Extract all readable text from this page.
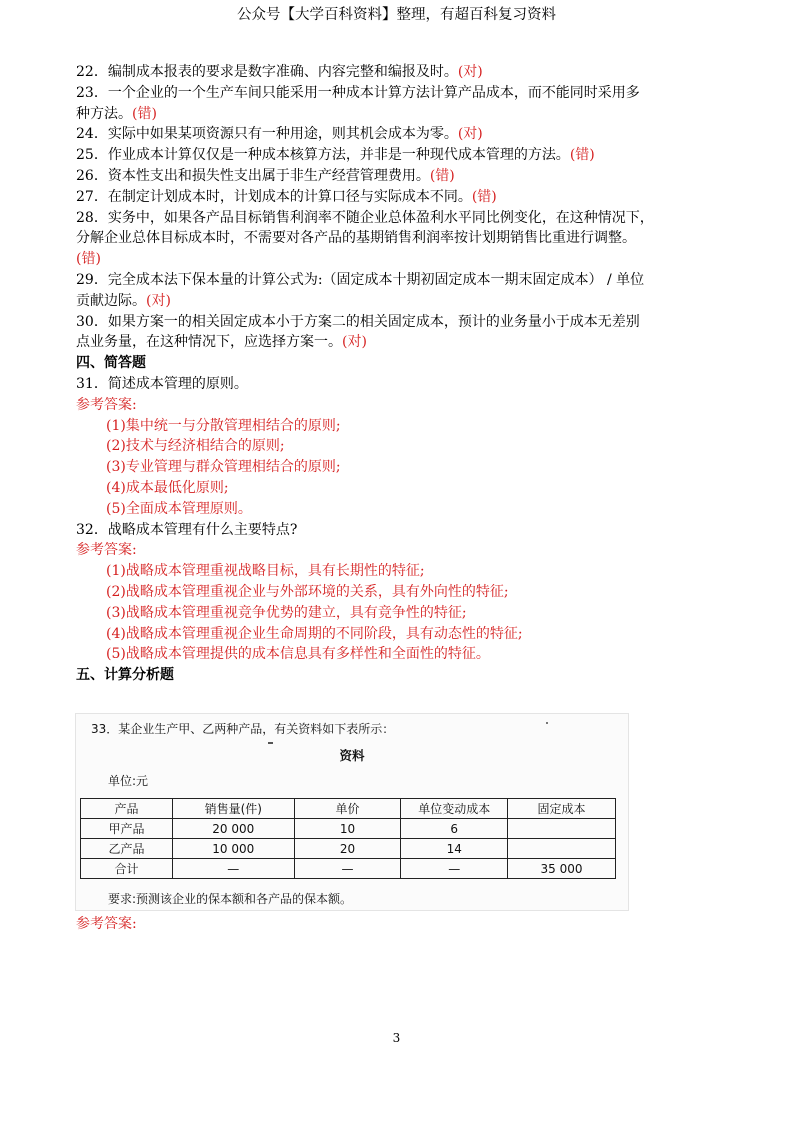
公众号【大学百科资料】整理，有超百科复习资料
22．编制成本报表的要求是数字准确、内容完整和编报及时。(对)
23．一个企业的一个生产车间只能采用一种成本计算方法计算产品成本，而不能同时采用多
种方法。(错)
24．实际中如果某项资源只有一种用途，则其机会成本为零。(对)
25．作业成本计算仅仅是一种成本核算方法，并非是一种现代成本管理的方法。(错)
26．资本性支出和损失性支出属于非生产经营管理费用。(错)
27．在制定计划成本时，计划成本的计算口径与实际成本不同。(错)
28．实务中，如果各产品目标销售利润率不随企业总体盈利水平同比例变化，在这种情况下，
分解企业总体目标成本时，不需要对各产品的基期销售利润率按计划期销售比重进行调整。
(错)
29．完全成本法下保本量的计算公式为:（固定成本十期初固定成本一期末固定成本） / 单位
贡献边际。(对)
30．如果方案一的相关固定成本小于方案二的相关固定成本，预计的业务量小于成本无差别
点业务量，在这种情况下，应选择方案一。(对)
四、简答题
31．简述成本管理的原则。
参考答案:
(1)集中统一与分散管理相结合的原则;
(2)技术与经济相结合的原则;
(3)专业管理与群众管理相结合的原则;
(4)成本最低化原则;
(5)全面成本管理原则。
32．战略成本管理有什么主要特点?
参考答案:
(1)战略成本管理重视战略目标，具有长期性的特征;
(2)战略成本管理重视企业与外部环境的关系，具有外向性的特征;
(3)战略成本管理重视竞争优势的建立，具有竞争性的特征;
(4)战略成本管理重视企业生命周期的不同阶段，具有动态性的特征;
(5)战略成本管理提供的成本信息具有多样性和全面性的特征。
五、计算分析题
33．某企业生产甲、乙两种产品，有关资料如下表所示：
资料
单位:元
产品	销售量(件)	单价	单位变动成本	固定成本
甲产品	20 000	10	6	
乙产品	10 000	20	14	
合计	—	—	—	35 000
要求:预测该企业的保本额和各产品的保本额。
参考答案:
3
